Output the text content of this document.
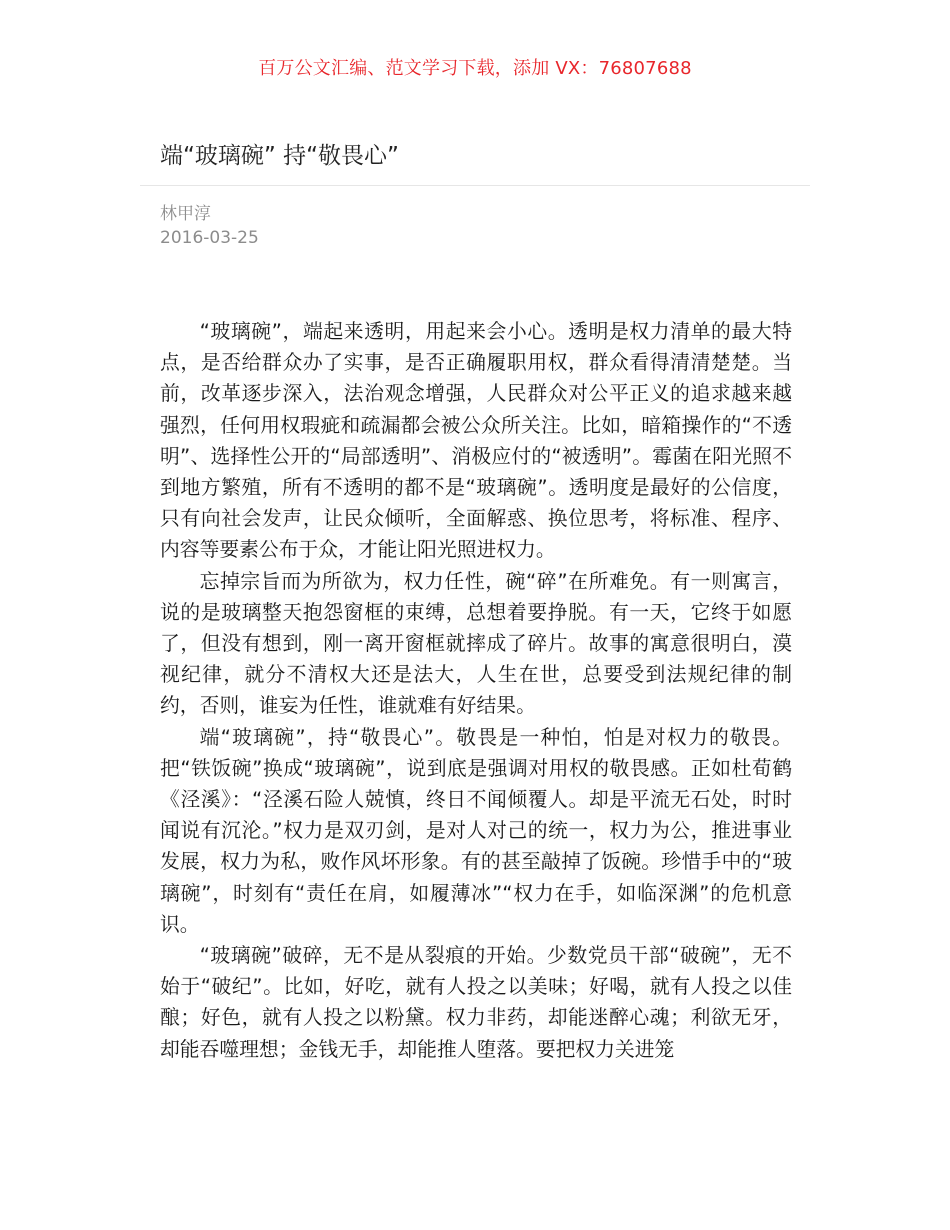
百万公文汇编、范文学习下载，添加 VX：76807688
端“玻璃碗” 持“敬畏心”
林甲淳
2016-03-25

“玻璃碗”，端起来透明，用起来会小心。透明是权力清单的最大特点，是否给群众办了实事，是否正确履职用权，群众看得清清楚楚。当前，改革逐步深入，法治观念增强，人民群众对公平正义的追求越来越强烈，任何用权瑕疵和疏漏都会被公众所关注。比如，暗箱操作的“不透明”、选择性公开的“局部透明”、消极应付的“被透明”。霉菌在阳光照不到地方繁殖，所有不透明的都不是“玻璃碗”。透明度是最好的公信度，只有向社会发声，让民众倾听，全面解惑、换位思考，将标准、程序、内容等要素公布于众，才能让阳光照进权力。

忘掉宗旨而为所欲为，权力任性，碗“碎”在所难免。有一则寓言，说的是玻璃整天抱怨窗框的束缚，总想着要挣脱。有一天，它终于如愿了，但没有想到，刚一离开窗框就摔成了碎片。故事的寓意很明白，漠视纪律，就分不清权大还是法大，人生在世，总要受到法规纪律的制约，否则，谁妄为任性，谁就难有好结果。

端“玻璃碗”，持“敬畏心”。敬畏是一种怕，怕是对权力的敬畏。把“铁饭碗”换成“玻璃碗”，说到底是强调对用权的敬畏感。正如杜荀鹤《泾溪》：“泾溪石险人兢慎，终日不闻倾覆人。却是平流无石处，时时闻说有沉沦。”权力是双刃剑，是对人对己的统一，权力为公，推进事业发展，权力为私，败作风坏形象。有的甚至敲掉了饭碗。珍惜手中的“玻璃碗”，时刻有“责任在肩，如履薄冰”“权力在手，如临深渊”的危机意识。

“玻璃碗”破碎，无不是从裂痕的开始。少数党员干部“破碗”，无不始于“破纪”。比如，好吃，就有人投之以美味；好喝，就有人投之以佳酿；好色，就有人投之以粉黛。权力非药，却能迷醉心魂；利欲无牙，却能吞噬理想；金钱无手，却能推人堕落。要把权力关进笼
